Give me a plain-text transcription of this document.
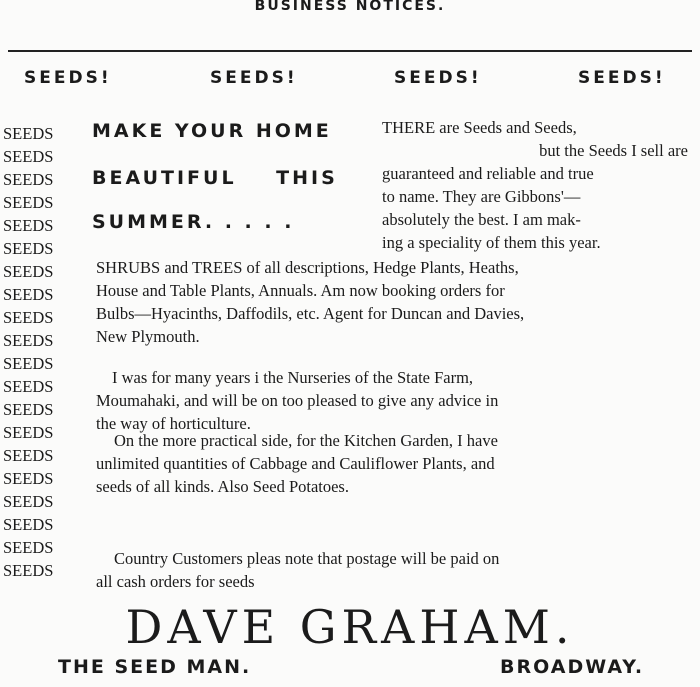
BUSINESS NOTICES.
SEEDS!	SEEDS!	SEEDS!	SEEDS!
SEEDS
SEEDS
SEEDS
SEEDS
SEEDS
SEEDS
SEEDS
SEEDS
SEEDS
SEEDS
SEEDS
SEEDS
SEEDS
SEEDS
SEEDS
SEEDS
SEEDS
SEEDS
SEEDS
SEEDS
MAKE YOUR HOME
BEAUTIFUL THIS
SUMMER. . . . .
THERE are Seeds and Seeds,
but the Seeds I sell are
guaranteed and reliable and true
to name. They are Gibbons'—
absolutely the best. I am mak-
ing a speciality of them this year.
SHRUBS and TREES of all descriptions, Hedge Plants, Heaths,
House and Table Plants, Annuals. Am now booking orders for
Bulbs—Hyacinths, Daffodils, etc. Agent for Duncan and Davies,
New Plymouth.
I was for many years i the Nurseries of the State Farm,
Moumahaki, and will be on too pleased to give any advice in
the way of horticulture.
On the more practical side, for the Kitchen Garden, I have
unlimited quantities of Cabbage and Cauliflower Plants, and
seeds of all kinds. Also Seed Potatoes.
Country Customers pleas note that postage will be paid on
all cash orders for seeds
DAVE GRAHAM.
THE SEED MAN.	BROADWAY.
